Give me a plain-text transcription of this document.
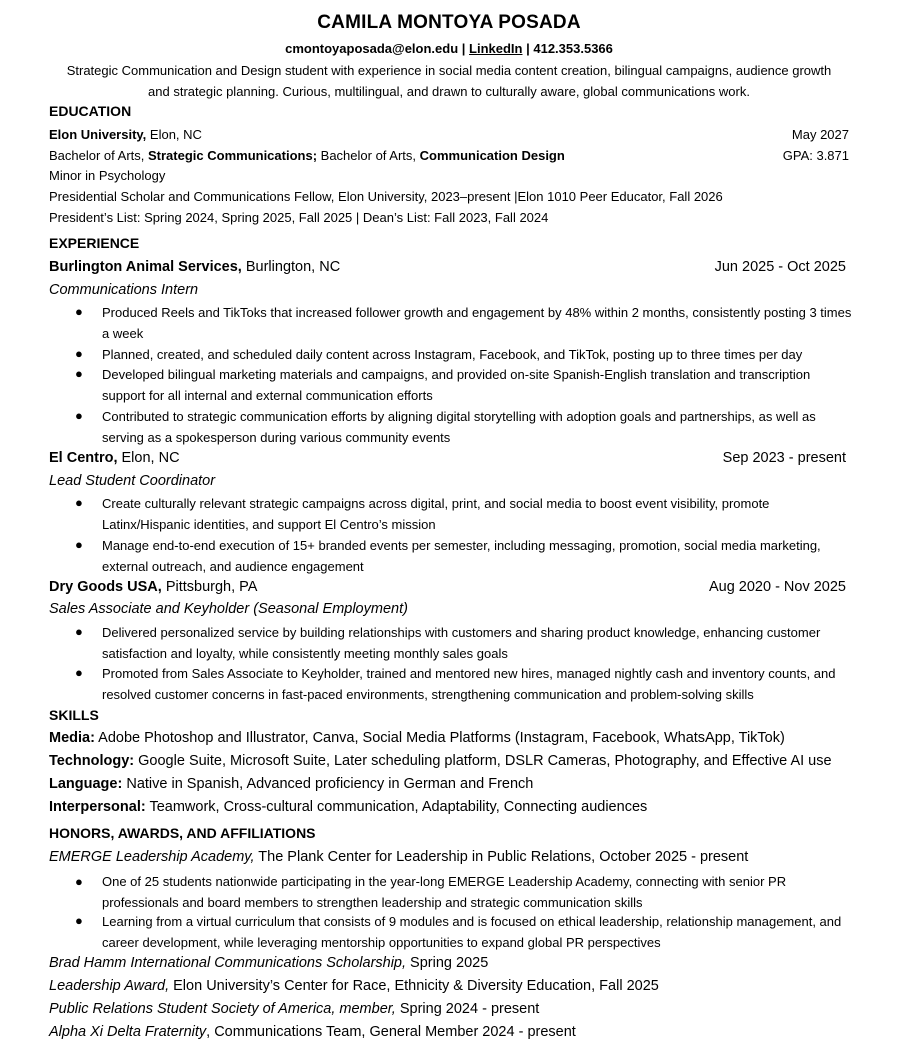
CAMILA MONTOYA POSADA
cmontoyaposada@elon.edu | LinkedIn | 412.353.5366
Strategic Communication and Design student with experience in social media content creation, bilingual campaigns, audience growth and strategic planning. Curious, multilingual, and drawn to culturally aware, global communications work.
EDUCATION
Elon University, Elon, NC	May 2027
Bachelor of Arts, Strategic Communications; Bachelor of Arts, Communication Design	GPA: 3.871
Minor in Psychology
Presidential Scholar and Communications Fellow, Elon University, 2023–present |Elon 1010 Peer Educator, Fall 2026
President’s List: Spring 2024, Spring 2025, Fall 2025 | Dean’s List: Fall 2023, Fall 2024
EXPERIENCE
Burlington Animal Services, Burlington, NC	Jun 2025 - Oct 2025
Communications Intern
● Produced Reels and TikToks that increased follower growth and engagement by 48% within 2 months, consistently posting 3 times a week
● Planned, created, and scheduled daily content across Instagram, Facebook, and TikTok, posting up to three times per day
● Developed bilingual marketing materials and campaigns, and provided on-site Spanish-English translation and transcription support for all internal and external communication efforts
● Contributed to strategic communication efforts by aligning digital storytelling with adoption goals and partnerships, as well as serving as a spokesperson during various community events
El Centro, Elon, NC	Sep 2023 - present
Lead Student Coordinator
● Create culturally relevant strategic campaigns across digital, print, and social media to boost event visibility, promote Latinx/Hispanic identities, and support El Centro’s mission
● Manage end-to-end execution of 15+ branded events per semester, including messaging, promotion, social media marketing, external outreach, and audience engagement
Dry Goods USA, Pittsburgh, PA	Aug 2020 - Nov 2025
Sales Associate and Keyholder (Seasonal Employment)
● Delivered personalized service by building relationships with customers and sharing product knowledge, enhancing customer satisfaction and loyalty, while consistently meeting monthly sales goals
● Promoted from Sales Associate to Keyholder, trained and mentored new hires, managed nightly cash and inventory counts, and resolved customer concerns in fast-paced environments, strengthening communication and problem-solving skills
SKILLS
Media: Adobe Photoshop and Illustrator, Canva, Social Media Platforms (Instagram, Facebook, WhatsApp, TikTok)
Technology: Google Suite, Microsoft Suite, Later scheduling platform, DSLR Cameras, Photography, and Effective AI use
Language: Native in Spanish, Advanced proficiency in German and French
Interpersonal: Teamwork, Cross-cultural communication, Adaptability, Connecting audiences
HONORS, AWARDS, AND AFFILIATIONS
EMERGE Leadership Academy, The Plank Center for Leadership in Public Relations, October 2025 - present
● One of 25 students nationwide participating in the year-long EMERGE Leadership Academy, connecting with senior PR professionals and board members to strengthen leadership and strategic communication skills
● Learning from a virtual curriculum that consists of 9 modules and is focused on ethical leadership, relationship management, and career development, while leveraging mentorship opportunities to expand global PR perspectives
Brad Hamm International Communications Scholarship, Spring 2025
Leadership Award, Elon University’s Center for Race, Ethnicity & Diversity Education, Fall 2025
Public Relations Student Society of America, member, Spring 2024 - present
Alpha Xi Delta Fraternity, Communications Team, General Member 2024 - present
